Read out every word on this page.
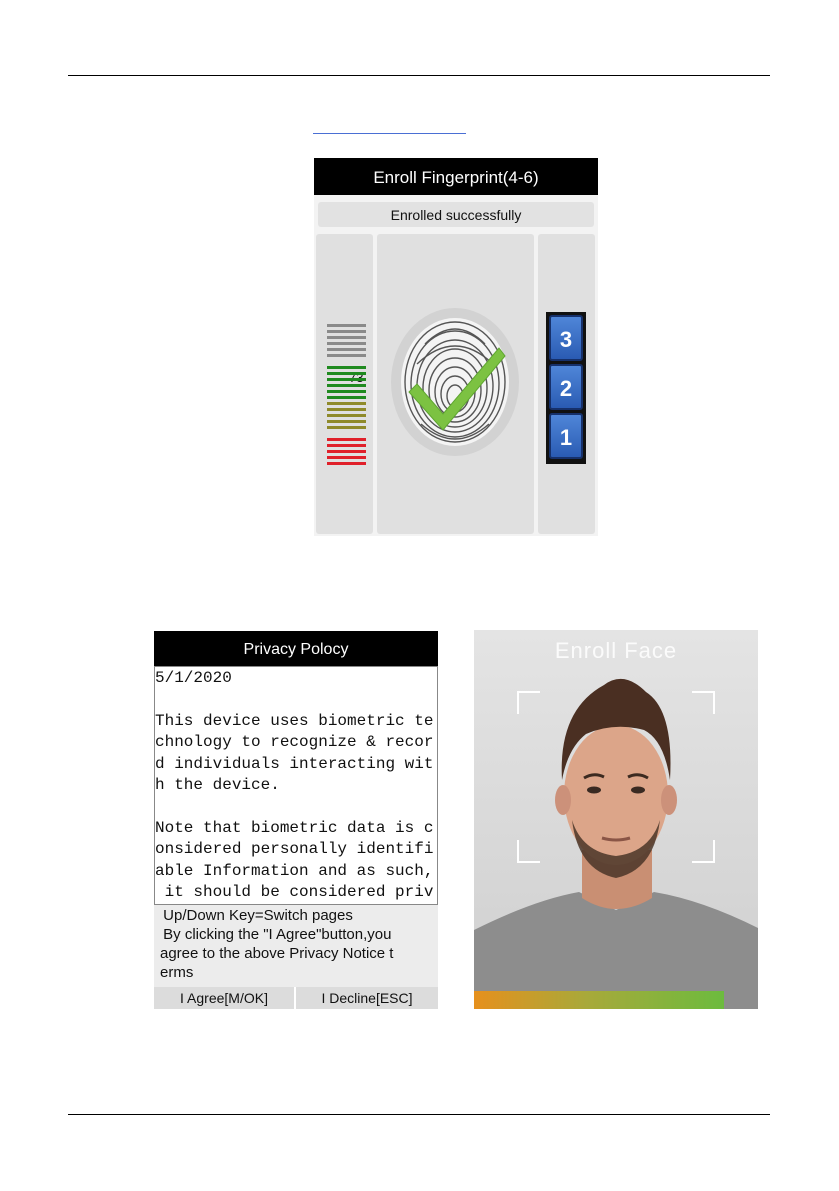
Enroll Fingerprint(4-6)
Enrolled successfully
3
2
1
Privacy Polocy
5/1/2020
This device uses biometric te
chnology to recognize & recor
d individuals interacting wit
h the device.
Note that biometric data is c
onsidered personally identifi
able Information and as such,
it should be considered priv
Up/Down Key=Switch pages
By clicking the "I Agree"button,you
agree to the above Privacy Notice t
erms
I Agree[M/OK]	I Decline[ESC]
Enroll Face
